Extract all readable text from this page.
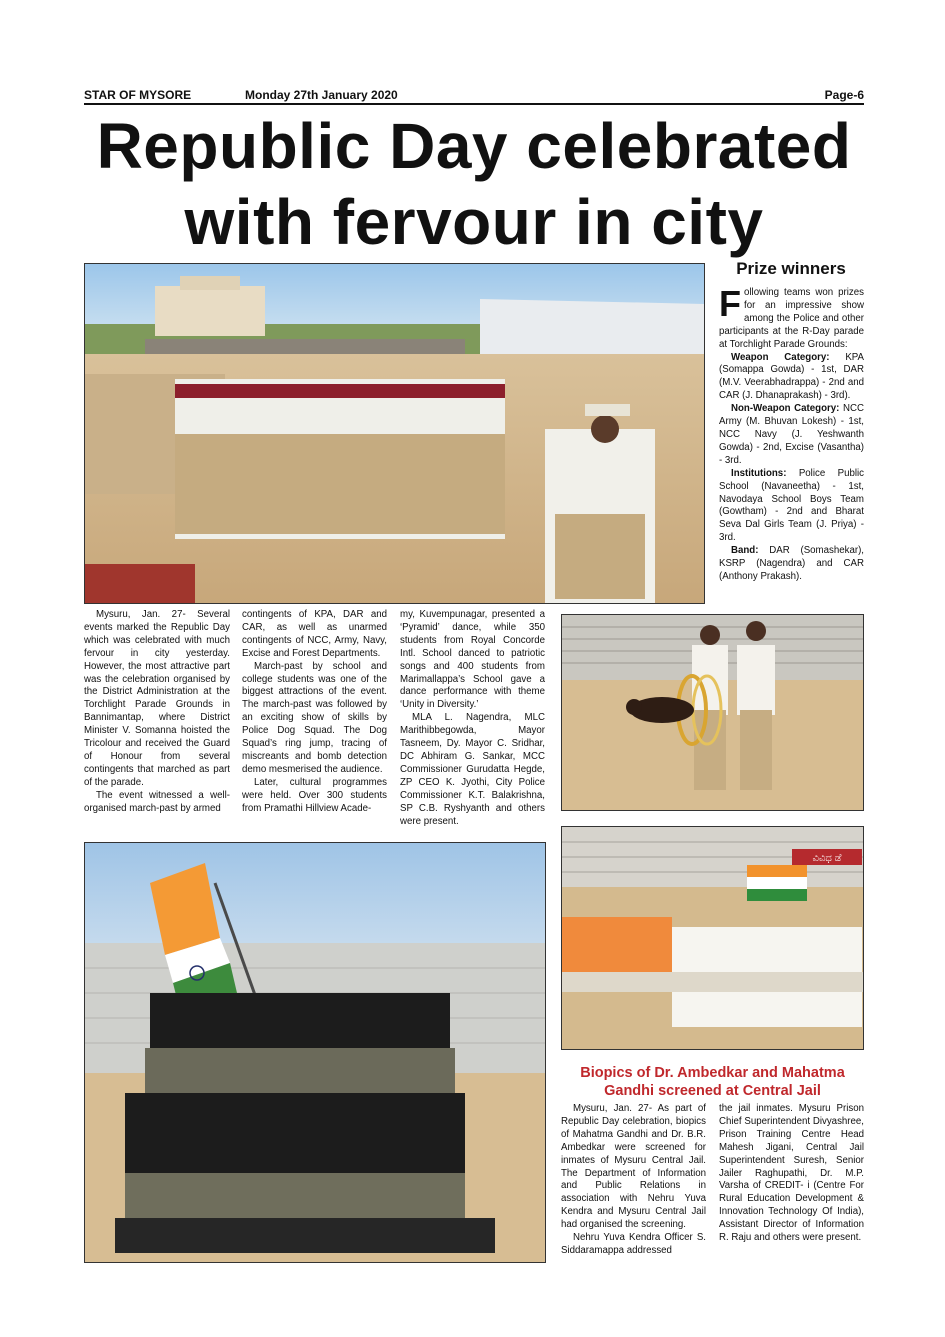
STAR OF MYSORE	Monday 27th January 2020	Page-6
Republic Day celebrated
with fervour in city
Prize winners

Following teams won prizes for an impressive show among the Police and other participants at the R-Day parade at Torchlight Parade Grounds:

Weapon Category: KPA (Somappa Gowda) - 1st, DAR (M.V. Veerabhadrappa) - 2nd and CAR (J. Dhanaprakash) - 3rd).

Non-Weapon Category: NCC Army (M. Bhuvan Lokesh) - 1st, NCC Navy (J. Yeshwanth Gowda) - 2nd, Excise (Vasantha) - 3rd.

Institutions: Police Public School (Navaneetha) - 1st, Navodaya School Boys Team (Gowtham) - 2nd and Bharat Seva Dal Girls Team (J. Priya) - 3rd.

Band: DAR (Somashekar), KSRP (Nagendra) and CAR (Anthony Prakash).

Mysuru, Jan. 27- Several events marked the Republic Day which was celebrated with much fervour in city yesterday. However, the most attractive part was the celebration organised by the District Administration at the Torchlight Parade Grounds in Bannimantap, where District Minister V. Somanna hoisted the Tricolour and received the Guard of Honour from several contingents that marched as part of the parade.

The event witnessed a well-organised march-past by armed

contingents of KPA, DAR and CAR, as well as unarmed contingents of NCC, Army, Navy, Excise and Forest Departments.

March-past by school and college students was one of the biggest attractions of the event. The march-past was followed by an exciting show of skills by Police Dog Squad. The Dog Squad’s ring jump, tracing of miscreants and bomb detection demo mesmerised the audience.

Later, cultural programmes were held. Over 300 students from Pramathi Hillview Acade-

my, Kuvempunagar, presented a ‘Pyramid’ dance, while 350 students from Royal Concorde Intl. School danced to patriotic songs and 400 students from Marimallappa’s School gave a dance performance with theme ‘Unity in Diversity.’

MLA L. Nagendra, MLC Marithibbegowda, Mayor Tasneem, Dy. Mayor C. Sridhar, DC Abhiram G. Sankar, MCC Commissioner Gurudatta Hegde, ZP CEO K. Jyothi, City Police Commissioner K.T. Balakrishna, SP C.B. Ryshyanth and others were present.

ವಿವಿಧ ಡೆ
Biopics of Dr. Ambedkar and Mahatma Gandhi screened at Central Jail

Mysuru, Jan. 27- As part of Republic Day celebration, biopics of Mahatma Gandhi and Dr. B.R. Ambedkar were screened for inmates of Mysuru Central Jail. The Department of Information and Public Relations in association with Nehru Yuva Kendra and Mysuru Central Jail had organised the screening.

Nehru Yuva Kendra Officer S. Siddaramappa addressed

the jail inmates. Mysuru Prison Chief Superintendent Divyashree, Prison Training Centre Head Mahesh Jigani, Central Jail Superintendent Suresh, Senior Jailer Raghupathi, Dr. M.P. Varsha of CREDIT- i (Centre For Rural Education Development & Innovation Technology Of India), Assistant Director of Information R. Raju and others were present.
